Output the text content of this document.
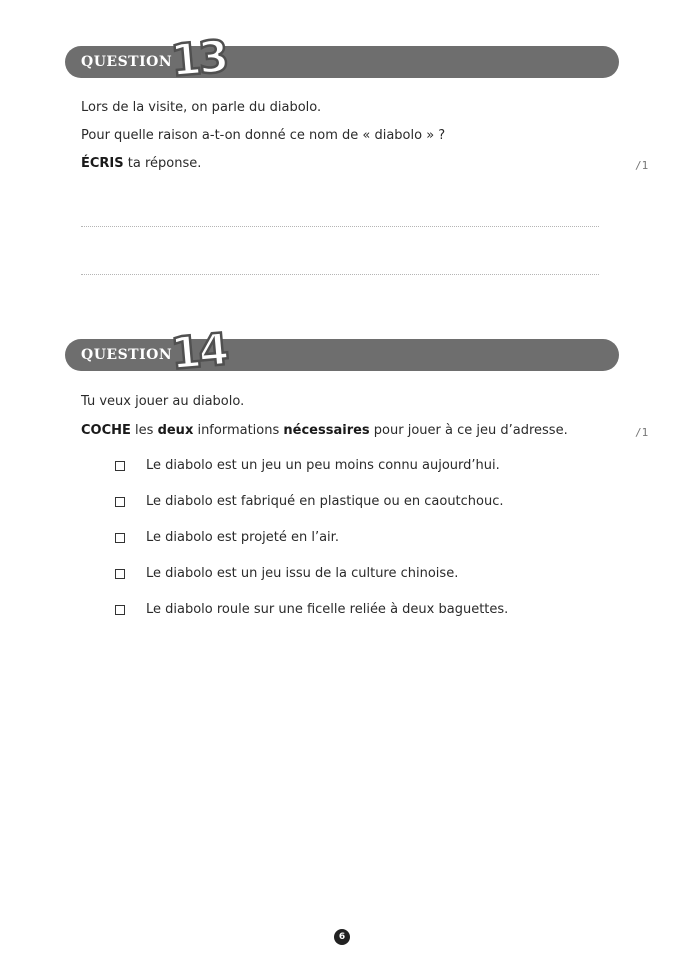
QUESTION
13
Lors de la visite, on parle du diabolo.
Pour quelle raison a-t-on donné ce nom de « diabolo » ?
ÉCRIS ta réponse.	/1
QUESTION
14
Tu veux jouer au diabolo.
COCHE les deux informations nécessaires pour jouer à ce jeu d’adresse.	/1
Le diabolo est un jeu un peu moins connu aujourd’hui.
Le diabolo est fabriqué en plastique ou en caoutchouc.
Le diabolo est projeté en l’air.
Le diabolo est un jeu issu de la culture chinoise.
Le diabolo roule sur une ficelle reliée à deux baguettes.
6
